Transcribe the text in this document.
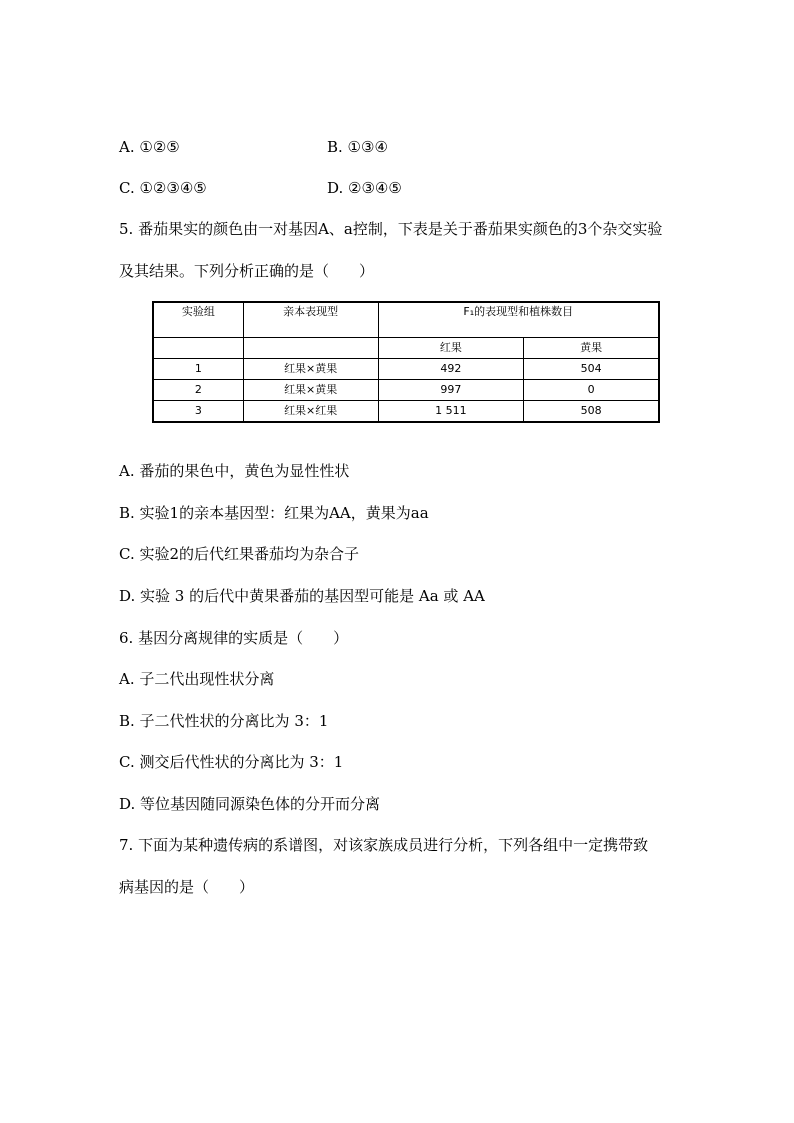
A. ①②⑤	B. ①③④
C. ①②③④⑤	D. ②③④⑤
5. 番茄果实的颜色由一对基因A、a控制，下表是关于番茄果实颜色的3个杂交实验
及其结果。下列分析正确的是（　　）
实验组	亲本表现型	F₁的表现型和植株数目	
		红果	黄果
1	红果×黄果	492	504
2	红果×黄果	997	0
3	红果×红果	1 511	508
A. 番茄的果色中，黄色为显性性状
B. 实验1的亲本基因型：红果为AA，黄果为aa
C. 实验2的后代红果番茄均为杂合子
D. 实验 3 的后代中黄果番茄的基因型可能是 Aa 或 AA
6. 基因分离规律的实质是（　　）
A. 子二代出现性状分离
B. 子二代性状的分离比为 3：1
C. 测交后代性状的分离比为 3：1
D. 等位基因随同源染色体的分开而分离
7. 下面为某种遗传病的系谱图，对该家族成员进行分析，下列各组中一定携带致
病基因的是（　　）
